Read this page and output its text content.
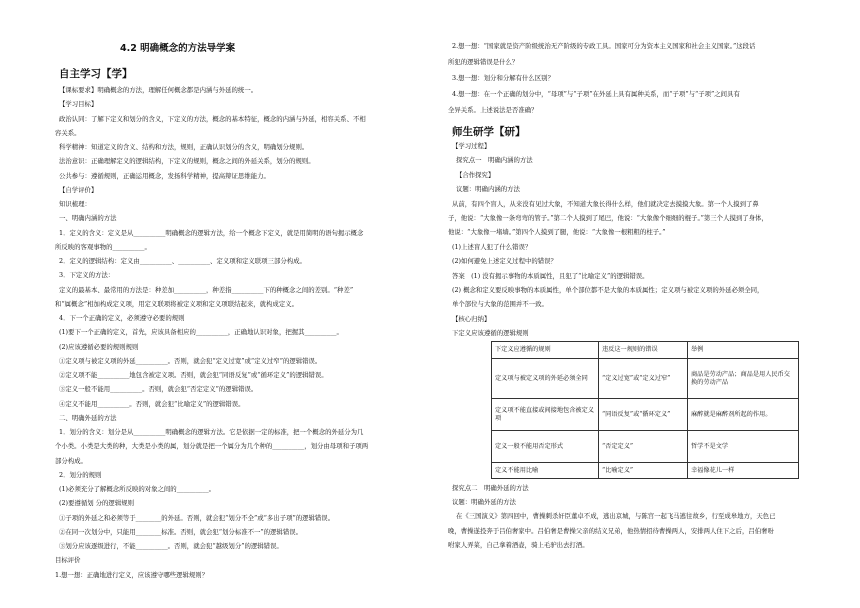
4.2 明确概念的方法导学案
自主学习【学】
【课标要求】明确概念的方法，理解任何概念都是内涵与外延的统一。
【学习目标】
政治认同：了解下定义和划分的含义，下定义的方法，概念的基本特征，概念的内涵与外延，相容关系、不相
容关系。
科学精神：知道定义的含义、结构和方法，规则，正确认识划分的含义，明确划分规则。
法治意识：正确理解定义的逻辑结构，下定义的规则，概念之间的外延关系，划分的规则。
公共参与：遵循规则，正确运用概念，发扬科学精神，提高辩证思维能力。
【自学评价】
知识梳理：
一、明确内涵的方法
1．定义的含义：定义是从__________明确概念的逻辑方法，给一个概念下定义，就是用简明的语句揭示概念
所反映的客观事物的__________。
2．定义的逻辑结构：定义由__________、__________、定义项和定义联项三部分构成。
3．下定义的方法：
定义的最基本、最常用的方法是：种差加__________，种差指__________下的种概念之间的差别。“种差”
和“属概念”相加构成定义项，用定义联项将被定义项和定义项联结起来，就构成定义。
4．下一个正确的定义，必须遵守必要的规则
(1)要下一个正确的定义，首先，应该具备相应的__________，正确地认识对象，把握其__________。
(2)应该遵循必要的规则规则
①定义项与被定义项的外延__________。否则，就会犯“定义过宽”或“定义过窄”的逻辑错误。
②定义项不能__________地包含被定义项。否则，就会犯“同语反复”或“循环定义”的逻辑错误。
③定义一般不能用__________。否则，就会犯“否定定义”的逻辑错误。
④定义不能用__________。否则，就会犯“比喻定义”的逻辑错误。
二、明确外延的方法
1．划分的含义：划分是从__________明确概念的逻辑方法。它是依据一定的标准，把一个概念的外延分为几
个小类。小类是大类的种，大类是小类的属，划分就是把一个属分为几个种的__________，划分由母项和子项两
部分构成。
2．划分的规则
(1)必须充分了解概念所反映的对象之间的__________。
(2)要遵循划 分的逻辑规则
①子项的外延之和必须等于________的外延。否则，就会犯“划分不全”或“多出子项”的逻辑错误。
②在同一次划分中，只能用________标准。否则，就会犯“划分标准不一”的逻辑错误。
③划分应该逐级进行，不能__________。否则，就会犯“越级划分”的逻辑错误。
目标评价
1.想一想：正确地进行定义，应该遵守哪些逻辑规则？
2.想一想：“国家就是资产阶级统治无产阶级的专政工具。国家可分为资本主义国家和社会主义国家。”这段话
所犯的逻辑错误是什么？
3.想一想：划分和分解有什么区别？
4.想一想：在一个正确的划分中，“母项”与“子项”在外延上具有属种关系，而“子项”与“子项”之间具有
全异关系。上述说法是否准确？
师生研学【研】
【学习过程】
探究点一　明确内涵的方法
【合作探究】
议题：明确内涵的方法
从前，有四个盲人，从来没有见过大象，不知道大象长得什么样，他们就决定去摸摸大象。第一个人摸到了鼻
子，他说：“大象像一条弯弯的管子。”第二个人摸到了尾巴，他说：“大象像个细细的棍子。”第三个人摸到了身体，
他说：“大象像一堵墙。”第四个人摸到了腿，他说：“大象像一根粗粗的柱子。”
(1)上述盲人犯了什么错误？
(2)如何避免上述定义过程中的错误？
答案　(1) 没有揭示事物的本质属性，且犯了“比喻定义”的逻辑错误。
(2) 概念和定义要反映事物的本质属性，单个部位都不是大象的本质属性；定义项与被定义项的外延必须全同，
单个部位与大象的范围并不一致。
【核心归纳】
下定义应该遵循的逻辑规则
下定义应遵循的规则	违反这一规则的错误	举例
定义项与被定义项的外延必须全同	“定义过宽”或“定义过窄”	商品是劳动产品；商品是用人民币交换的劳动产品
定义项不能直接或间接地包含被定义项	“同语反复”或“循环定义”	麻醉就是麻醉剂所起的作用。
定义一般不能用否定形式	“否定定义”	哲学不是文学
定义不能用比喻	“比喻定义”	幸福像花儿一样
探究点二　明确外延的方法
议题：明确外延的方法
在《三国演义》第四回中，曹操刺杀奸臣董卓不成，逃出京城，与陈宫一起飞马逃往故乡，行至成皋地方，天色已
晚，曹操遂投奔于吕伯奢家中。吕伯奢是曹操父亲的结义兄弟，他热情招待曹操两人，安排两人住下之后，吕伯奢吩
咐家人弄菜，自己拿着酒壶，骑上毛驴出去打酒。
